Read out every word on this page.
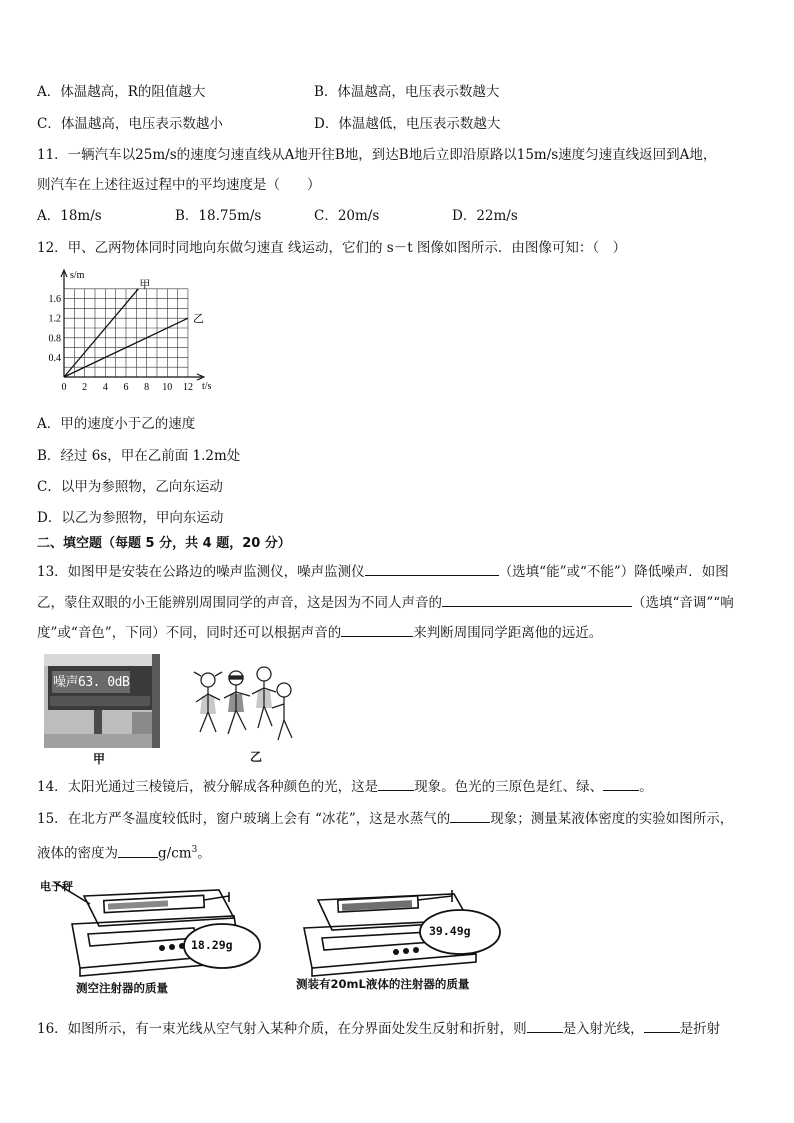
A．体温越高，R的阻值越大	B．体温越高，电压表示数越大
C．体温越高，电压表示数越小	D．体温越低，电压表示数越大
11．一辆汽车以25m/s的速度匀速直线从A地开往B地，到达B地后立即沿原路以15m/s速度匀速直线返回到A地，
则汽车在上述往返过程中的平均速度是（　　）
A．18m/s	B．18.75m/s	C．20m/s	D．22m/s
12．甲、乙两物体同时同地向东做匀速直 线运动，它们的 s－t 图像如图所示．由图像可知：（　）
s/m
t/s
0 2 4 6 8 10 12
0.4
0.8
1.2
1.6
甲
乙
A．甲的速度小于乙的速度
B．经过 6s，甲在乙前面 1.2m处
C．以甲为参照物，乙向东运动
D．以乙为参照物，甲向东运动
二、填空题（每题 5 分，共 4 题，20 分）
13．如图甲是安装在公路边的噪声监测仪，噪声监测仪	（选填“能”或“不能”）降低噪声．如图
乙，蒙住双眼的小王能辨别周围同学的声音，这是因为不同人声音的	（选填“音调”“响
度”或“音色”，下同）不同，同时还可以根据声音的	来判断周围同学距离他的远近。
噪声63. 0dB
甲	乙
14．太阳光通过三棱镜后，被分解成各种颜色的光，这是	现象。色光的三原色是红、绿、	。
15．在北方严冬温度较低时，窗户玻璃上会有 “冰花”，这是水蒸气的	现象；测量某液体密度的实验如图所示，
液体的密度为	$g/cm^3$。
电子秤
18.29g
测空注射器的质量
39.49g
测装有20mL液体的注射器的质量
16．如图所示，有一束光线从空气射入某种介质，在分界面处发生反射和折射，则	是入射光线，	是折射
